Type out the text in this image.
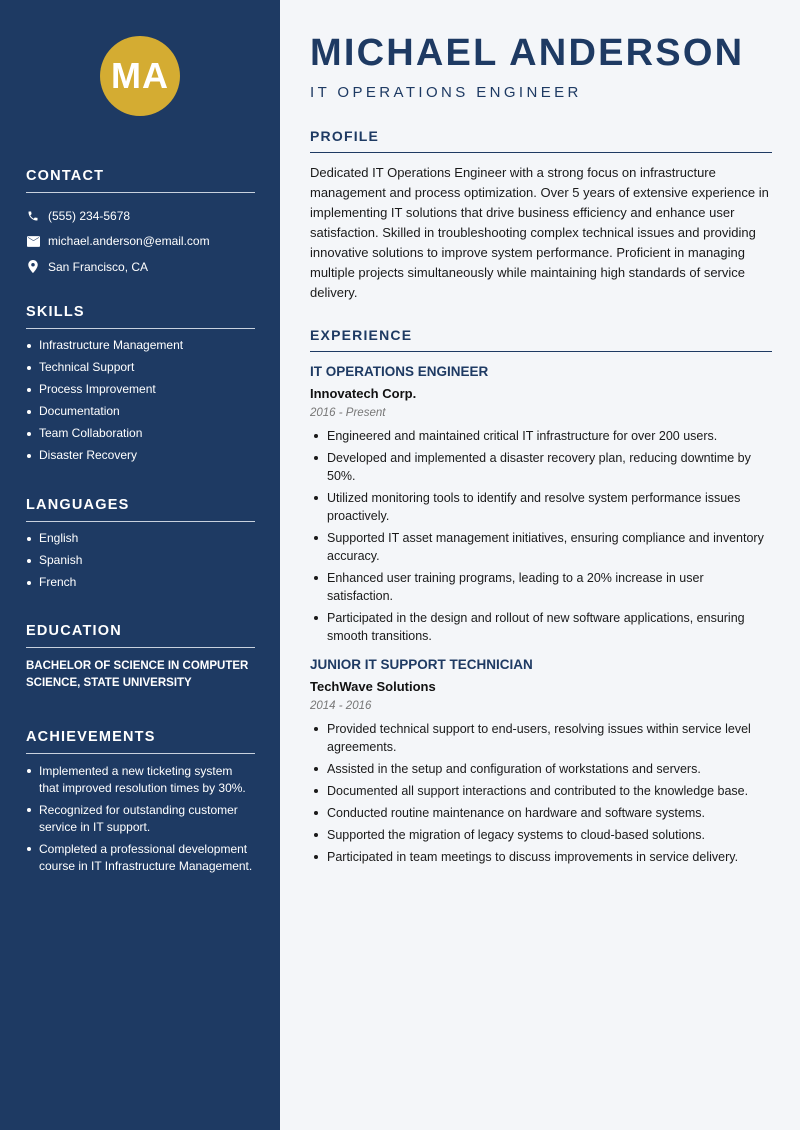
MA
CONTACT
(555) 234-5678
michael.anderson@email.com
San Francisco, CA
SKILLS
Infrastructure Management
Technical Support
Process Improvement
Documentation
Team Collaboration
Disaster Recovery
LANGUAGES
English
Spanish
French
EDUCATION
BACHELOR OF SCIENCE IN COMPUTER SCIENCE, STATE UNIVERSITY
ACHIEVEMENTS
Implemented a new ticketing system that improved resolution times by 30%.
Recognized for outstanding customer service in IT support.
Completed a professional development course in IT Infrastructure Management.
MICHAEL ANDERSON
IT OPERATIONS ENGINEER
PROFILE

Dedicated IT Operations Engineer with a strong focus on infrastructure management and process optimization. Over 5 years of extensive experience in implementing IT solutions that drive business efficiency and enhance user satisfaction. Skilled in troubleshooting complex technical issues and providing innovative solutions to improve system performance. Proficient in managing multiple projects simultaneously while maintaining high standards of service delivery.

EXPERIENCE
IT OPERATIONS ENGINEER
Innovatech Corp.
2016 - Present
Engineered and maintained critical IT infrastructure for over 200 users.
Developed and implemented a disaster recovery plan, reducing downtime by 50%.
Utilized monitoring tools to identify and resolve system performance issues proactively.
Supported IT asset management initiatives, ensuring compliance and inventory accuracy.
Enhanced user training programs, leading to a 20% increase in user satisfaction.
Participated in the design and rollout of new software applications, ensuring smooth transitions.
JUNIOR IT SUPPORT TECHNICIAN
TechWave Solutions
2014 - 2016
Provided technical support to end-users, resolving issues within service level agreements.
Assisted in the setup and configuration of workstations and servers.
Documented all support interactions and contributed to the knowledge base.
Conducted routine maintenance on hardware and software systems.
Supported the migration of legacy systems to cloud-based solutions.
Participated in team meetings to discuss improvements in service delivery.
